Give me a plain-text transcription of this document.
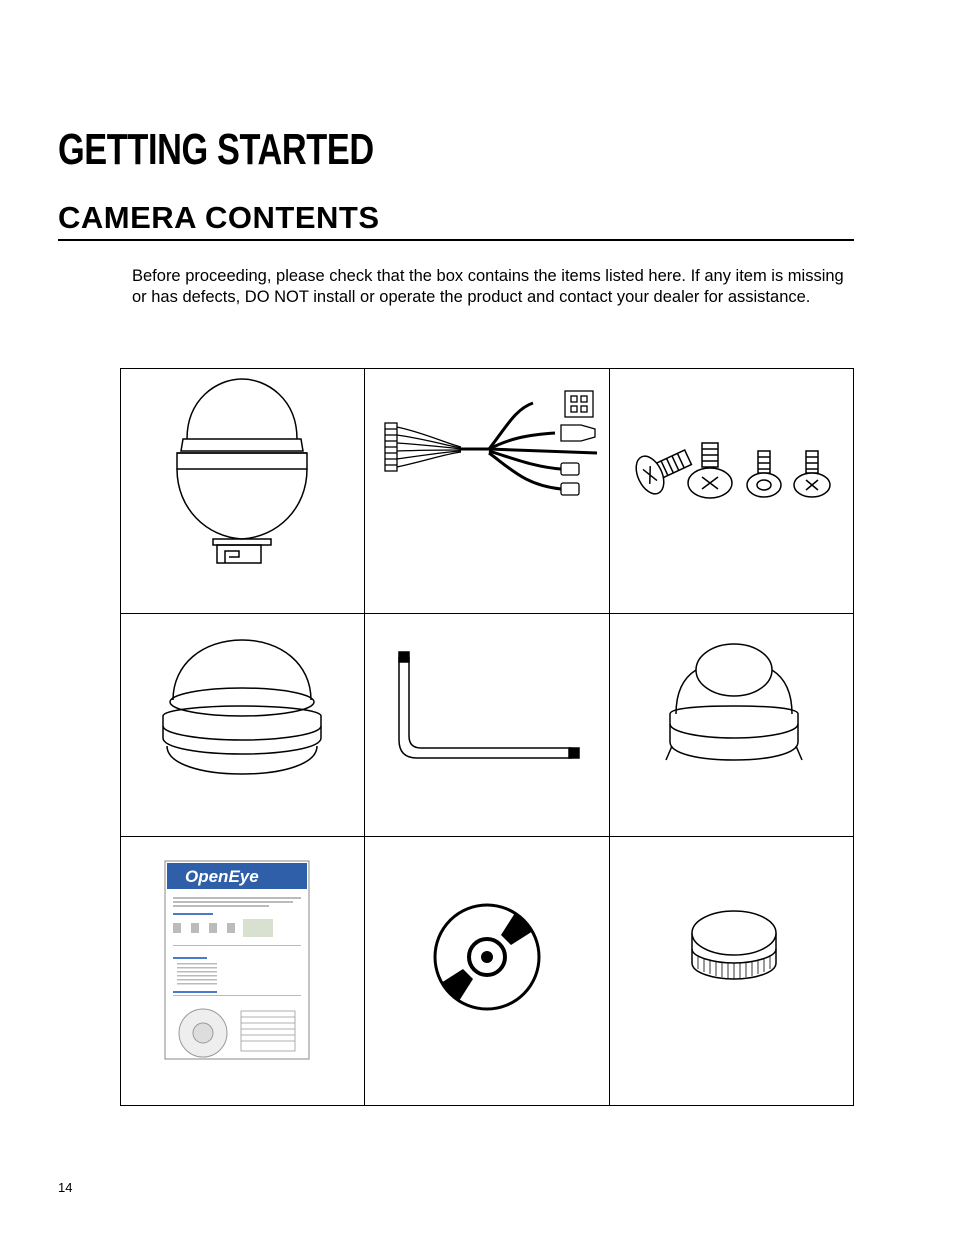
GETTING STARTED
CAMERA CONTENTS

Before proceeding, please check that the box contains the items listed here. If any item is missing or has defects, DO NOT install or operate the product and contact your dealer for assistance.

OpenEye
14
